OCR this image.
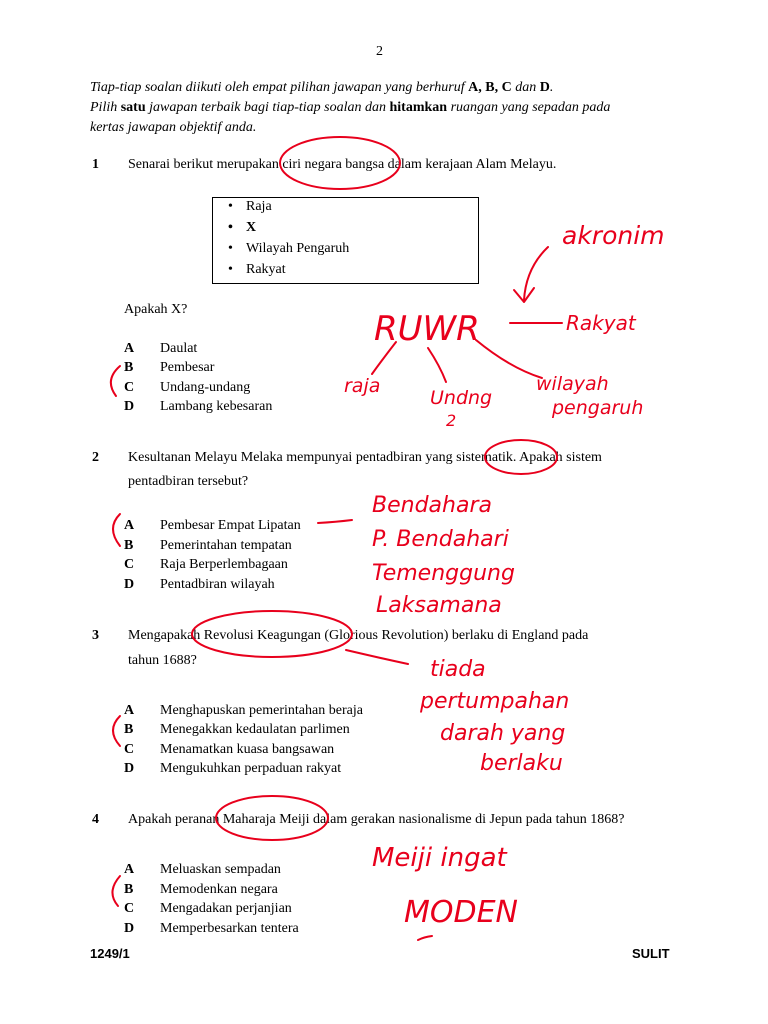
2
Tiap-tiap soalan diikuti oleh empat pilihan jawapan yang berhuruf A, B, C dan D.
Pilih satu jawapan terbaik bagi tiap-tiap soalan dan hitamkan ruangan yang sepadan pada
kertas jawapan objektif anda.
1 Senarai berikut merupakan ciri negara bangsa dalam kerajaan Alam Melayu.
• Raja
• X
• Wilayah Pengaruh
• Rakyat
Apakah X?
A Daulat
B Pembesar
C Undang-undang
D Lambang kebesaran
2 Kesultanan Melayu Melaka mempunyai pentadbiran yang sistematik. Apakah sistem
pentadbiran tersebut?
A Pembesar Empat Lipatan
B Pemerintahan tempatan
C Raja Berperlembagaan
D Pentadbiran wilayah
3 Mengapakah Revolusi Keagungan (Glorious Revolution) berlaku di England pada
tahun 1688?
A Menghapuskan pemerintahan beraja
B Menegakkan kedaulatan parlimen
C Menamatkan kuasa bangsawan
D Mengukuhkan perpaduan rakyat
4 Apakah peranan Maharaja Meiji dalam gerakan nasionalisme di Jepun pada tahun 1868?
A Meluaskan sempadan
B Memodenkan negara
C Mengadakan perjanjian
D Memperbesarkan tentera
1249/1	SULIT
akronim
RUWR	Rakyat
raja
Undng
2
wilayah
pengaruh
Bendahara
P. Bendahari
Temenggung
Laksamana
tiada
pertumpahan
darah yang
berlaku
Meiji ingat
MODEN
